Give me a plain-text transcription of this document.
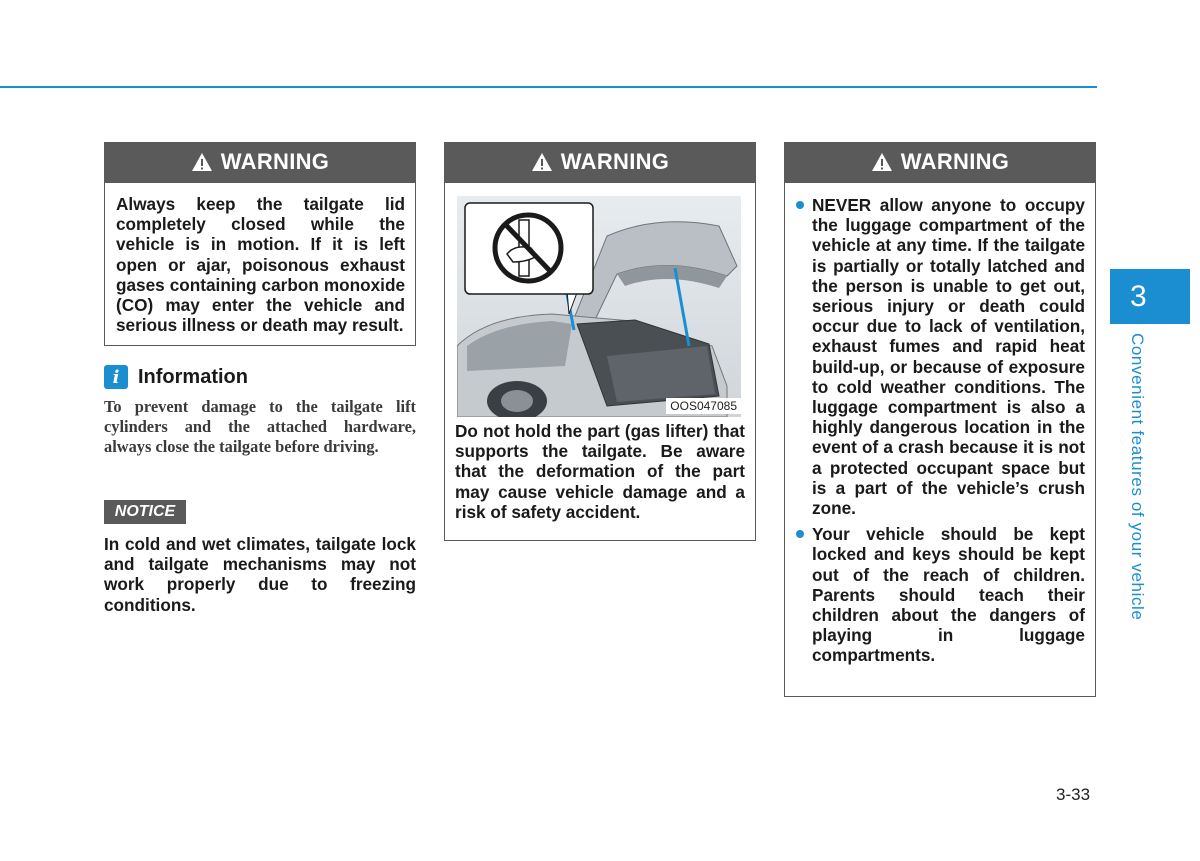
WARNING
Always keep the tailgate lid completely closed while the vehicle is in motion. If it is left open or ajar, poisonous exhaust gases containing carbon monoxide (CO) may enter the vehicle and serious illness or death may result.
i Information
To prevent damage to the tailgate lift cylinders and the attached hardware, always close the tailgate before driving.
NOTICE
In cold and wet climates, tailgate lock and tailgate mechanisms may not work properly due to freezing conditions.
WARNING
OOS047085
Do not hold the part (gas lifter) that supports the tailgate. Be aware that the deformation of the part may cause vehicle damage and a risk of safety accident.
WARNING
NEVER allow anyone to occupy the luggage compartment of the vehicle at any time. If the tailgate is partially or totally latched and the person is unable to get out, serious injury or death could occur due to lack of ventilation, exhaust fumes and rapid heat build-up, or because of exposure to cold weather conditions. The luggage compartment is also a highly dangerous location in the event of a crash because it is not a protected occupant space but is a part of the vehicle’s crush zone.
Your vehicle should be kept locked and keys should be kept out of the reach of children. Parents should teach their children about the dangers of playing in luggage compartments.
3
Convenient features of your vehicle
3-33
